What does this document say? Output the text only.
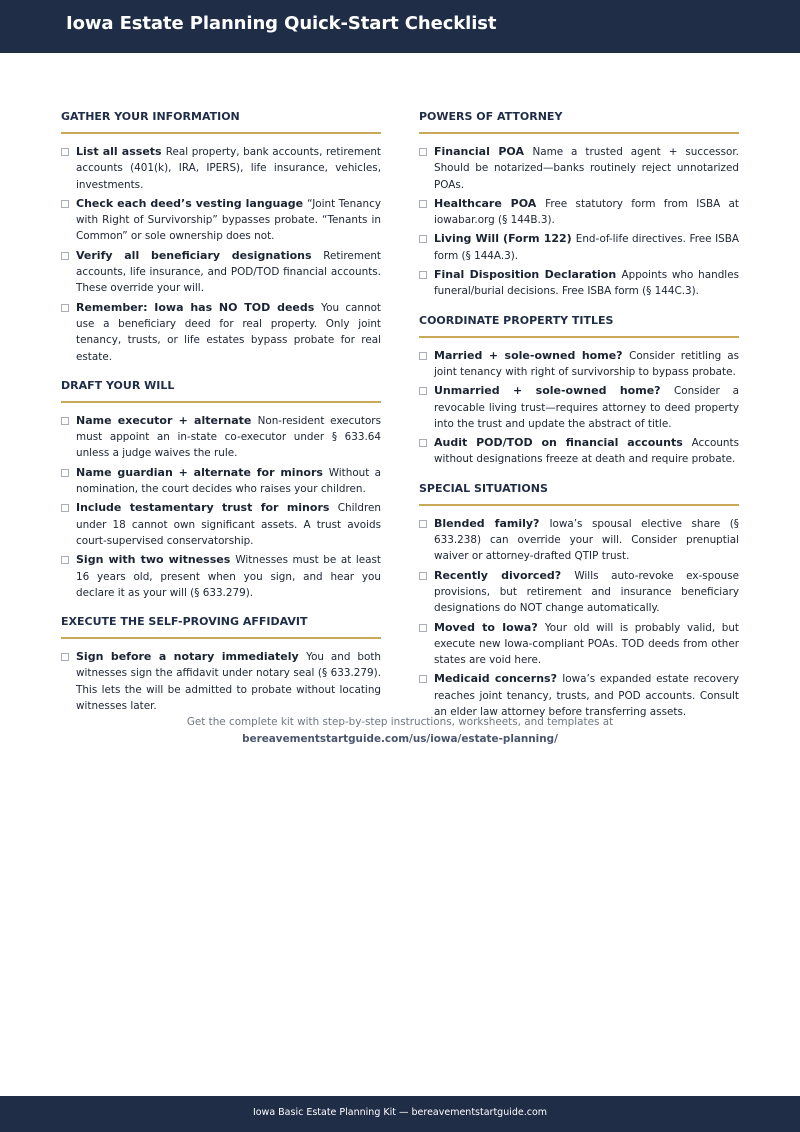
Iowa Estate Planning Quick-Start Checklist
GATHER YOUR INFORMATION
List all assets Real property, bank accounts, retirement accounts (401(k), IRA, IPERS), life insurance, vehicles, investments.
Check each deed’s vesting language “Joint Tenancy with Right of Survivorship” bypasses probate. “Tenants in Common” or sole ownership does not.
Verify all beneficiary designations Retirement accounts, life insurance, and POD/TOD financial accounts. These override your will.
Remember: Iowa has NO TOD deeds You cannot use a beneficiary deed for real property. Only joint tenancy, trusts, or life estates bypass probate for real estate.
DRAFT YOUR WILL
Name executor + alternate Non-resident executors must appoint an in-state co-executor under § 633.64 unless a judge waives the rule.
Name guardian + alternate for minors Without a nomination, the court decides who raises your children.
Include testamentary trust for minors Children under 18 cannot own significant assets. A trust avoids court-supervised conservatorship.
Sign with two witnesses Witnesses must be at least 16 years old, present when you sign, and hear you declare it as your will (§ 633.279).
EXECUTE THE SELF-PROVING AFFIDAVIT
Sign before a notary immediately You and both witnesses sign the affidavit under notary seal (§ 633.279). This lets the will be admitted to probate without locating witnesses later.
POWERS OF ATTORNEY
Financial POA Name a trusted agent + successor. Should be notarized—banks routinely reject unnotarized POAs.
Healthcare POA Free statutory form from ISBA at iowabar.org (§ 144B.3).
Living Will (Form 122) End-of-life directives. Free ISBA form (§ 144A.3).
Final Disposition Declaration Appoints who handles funeral/burial decisions. Free ISBA form (§ 144C.3).
COORDINATE PROPERTY TITLES
Married + sole-owned home? Consider retitling as joint tenancy with right of survivorship to bypass probate.
Unmarried + sole-owned home? Consider a revocable living trust—requires attorney to deed property into the trust and update the abstract of title.
Audit POD/TOD on financial accounts Accounts without designations freeze at death and require probate.
SPECIAL SITUATIONS
Blended family? Iowa’s spousal elective share (§ 633.238) can override your will. Consider prenuptial waiver or attorney-drafted QTIP trust.
Recently divorced? Wills auto-revoke ex-spouse provisions, but retirement and insurance beneficiary designations do NOT change automatically.
Moved to Iowa? Your old will is probably valid, but execute new Iowa-compliant POAs. TOD deeds from other states are void here.
Medicaid concerns? Iowa’s expanded estate recovery reaches joint tenancy, trusts, and POD accounts. Consult an elder law attorney before transferring assets.
Get the complete kit with step-by-step instructions, worksheets, and templates at
bereavementstartguide.com/us/iowa/estate-planning/
Iowa Basic Estate Planning Kit — bereavementstartguide.com
